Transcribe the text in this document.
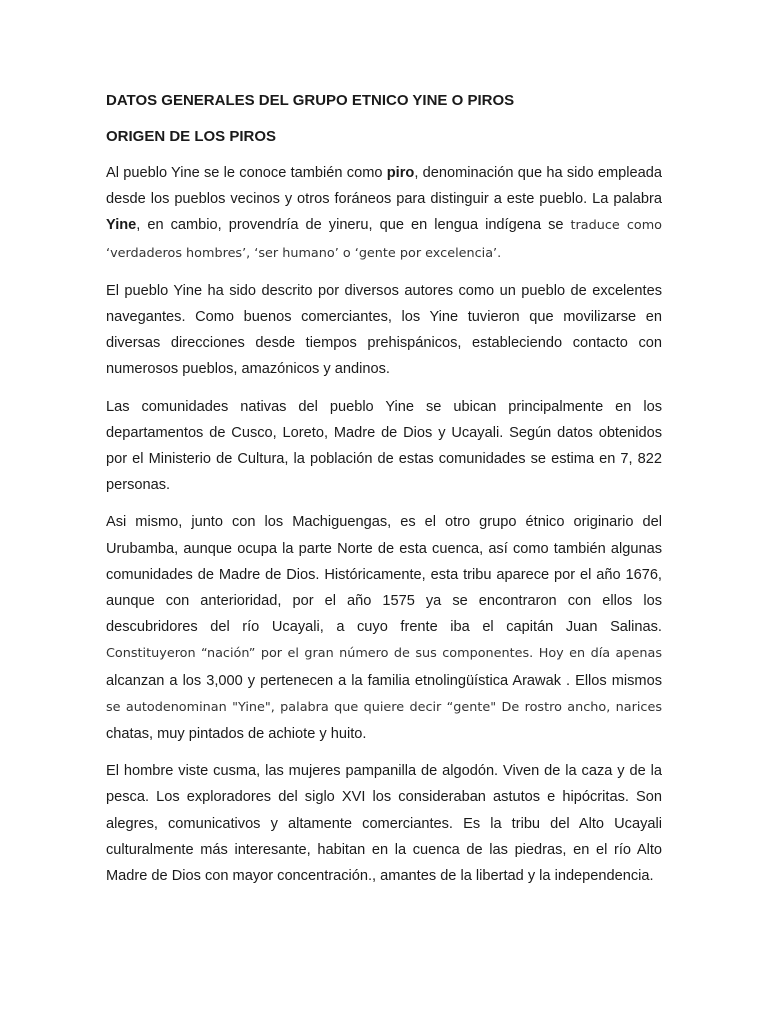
DATOS GENERALES DEL GRUPO ETNICO YINE O PIROS

ORIGEN DE LOS PIROS

Al pueblo Yine se le conoce también como piro, denominación que ha sido empleada desde los pueblos vecinos y otros foráneos para distinguir a este pueblo. La palabra Yine, en cambio, provendría de yineru, que en lengua indígena se traduce como ‘verdaderos hombres’, ‘ser humano’ o ‘gente por excelencia’.

El pueblo Yine ha sido descrito por diversos autores como un pueblo de excelentes navegantes. Como buenos comerciantes, los Yine tuvieron que movilizarse en diversas direcciones desde tiempos prehispánicos, estableciendo contacto con numerosos pueblos, amazónicos y andinos.

Las comunidades nativas del pueblo Yine se ubican principalmente en los departamentos de Cusco, Loreto, Madre de Dios y Ucayali. Según datos obtenidos por el Ministerio de Cultura, la población de estas comunidades se estima en 7, 822 personas.

Asi mismo, junto con los Machiguengas, es el otro grupo étnico originario del Urubamba, aunque ocupa la parte Norte de esta cuenca, así como también algunas comunidades de Madre de Dios. Históricamente, esta tribu aparece por el año 1676, aunque con anterioridad, por el año 1575 ya se encontraron con ellos los descubridores del río Ucayali, a cuyo frente iba el capitán Juan Salinas. Constituyeron “nación” por el gran número de sus componentes. Hoy en día apenas alcanzan a los 3,000 y pertenecen a la familia etnolingüística Arawak . Ellos mismos se autodenominan "Yine", palabra que quiere decir “gente" De rostro ancho, narices chatas, muy pintados de achiote y huito.

El hombre viste cusma, las mujeres pampanilla de algodón. Viven de la caza y de la pesca. Los exploradores del siglo XVI los consideraban astutos e hipócritas. Son alegres, comunicativos y altamente comerciantes. Es la tribu del Alto Ucayali culturalmente más interesante, habitan en la cuenca de las piedras, en el río Alto Madre de Dios con mayor concentración., amantes de la libertad y la independencia.
